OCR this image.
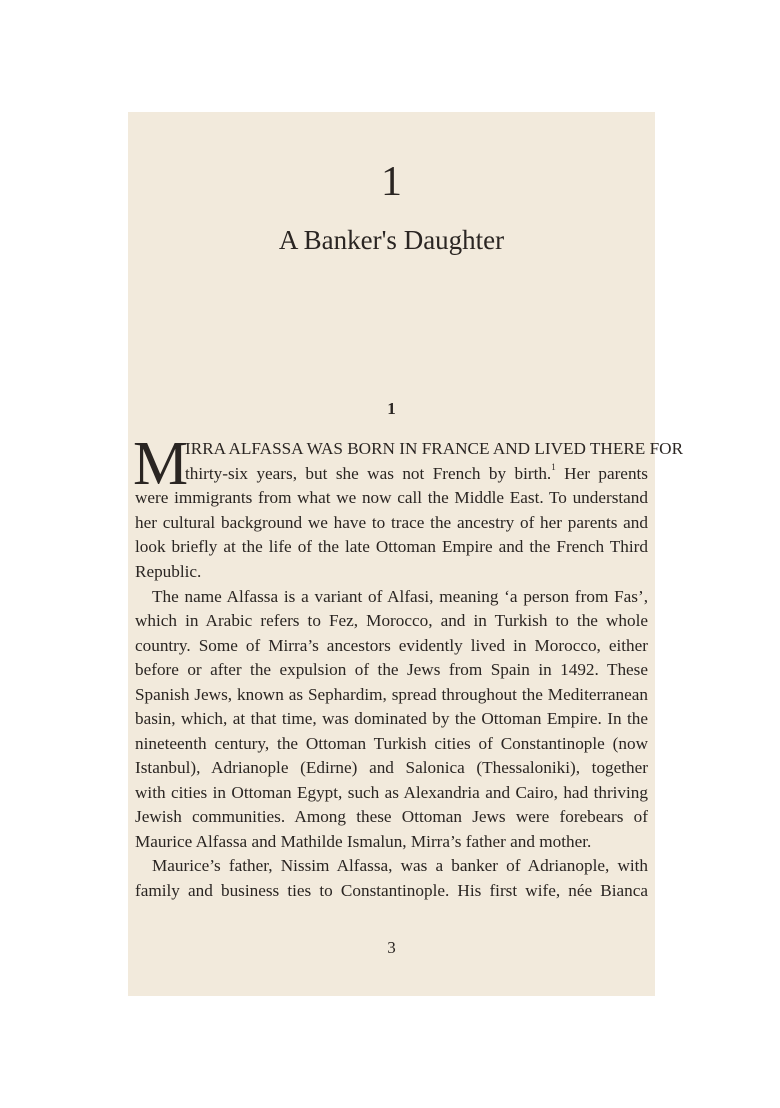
1
A Banker's Daughter
1
M
IRRA ALFASSA WAS BORN IN FRANCE AND LIVED THERE FOR
thirty-six years, but she was not French by birth.$^1$ Her parents
were immigrants from what we now call the Middle East. To understand
her cultural background we have to trace the ancestry of her parents and
look briefly at the life of the late Ottoman Empire and the French Third
Republic.
The name Alfassa is a variant of Alfasi, meaning ‘a person from Fas’,
which in Arabic refers to Fez, Morocco, and in Turkish to the whole
country. Some of Mirra’s ancestors evidently lived in Morocco, either
before or after the expulsion of the Jews from Spain in 1492. These
Spanish Jews, known as Sephardim, spread throughout the Mediterranean
basin, which, at that time, was dominated by the Ottoman Empire. In the
nineteenth century, the Ottoman Turkish cities of Constantinople (now
Istanbul), Adrianople (Edirne) and Salonica (Thessaloniki), together
with cities in Ottoman Egypt, such as Alexandria and Cairo, had thriving
Jewish communities. Among these Ottoman Jews were forebears of
Maurice Alfassa and Mathilde Ismalun, Mirra’s father and mother.
Maurice’s father, Nissim Alfassa, was a banker of Adrianople, with
family and business ties to Constantinople. His first wife, née Bianca
3
